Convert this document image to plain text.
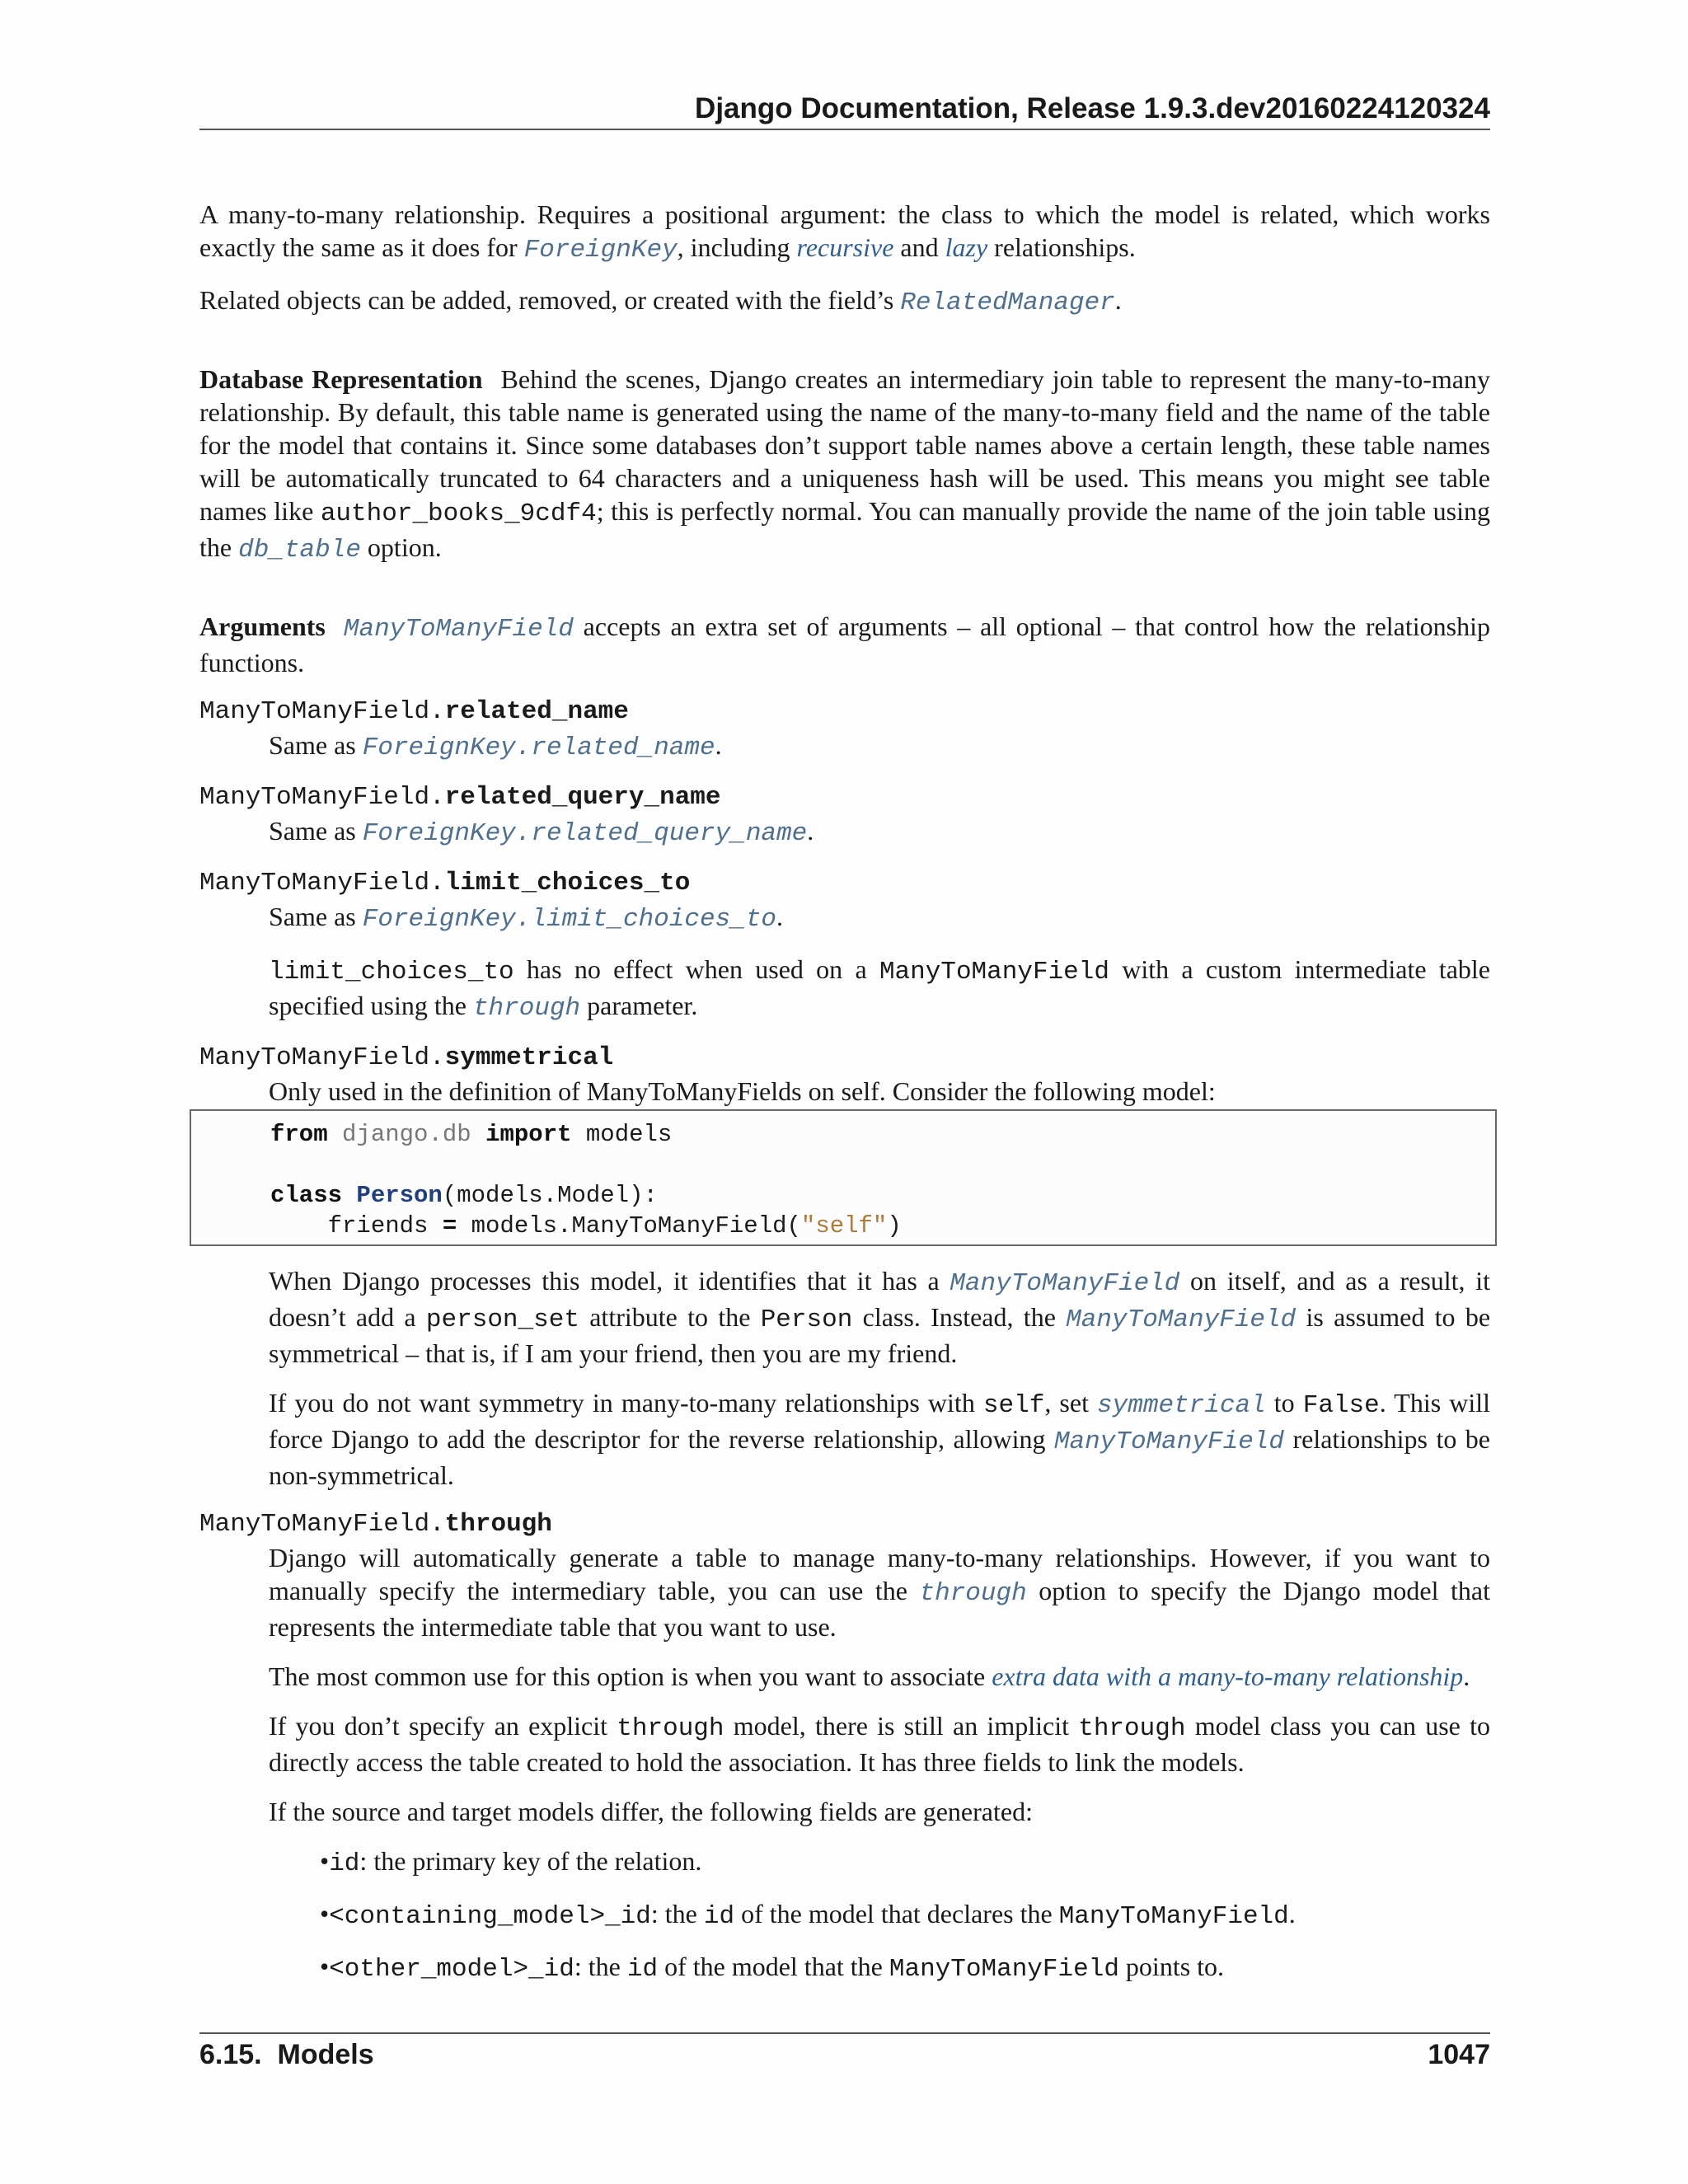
Django Documentation, Release 1.9.3.dev20160224120324

A many-to-many relationship. Requires a positional argument: the class to which the model is related, which works exactly the same as it does for ForeignKey, including recursive and lazy relationships.

Related objects can be added, removed, or created with the field’s RelatedManager.

Database Representation Behind the scenes, Django creates an intermediary join table to represent the many-to-many relationship. By default, this table name is generated using the name of the many-to-many field and the name of the table for the model that contains it. Since some databases don’t support table names above a certain length, these table names will be automatically truncated to 64 characters and a uniqueness hash will be used. This means you might see table names like author_books_9cdf4; this is perfectly normal. You can manually provide the name of the join table using the db_table option.

Arguments ManyToManyField accepts an extra set of arguments – all optional – that control how the relationship functions.

ManyToManyField.related_name
Same as ForeignKey.related_name.
ManyToManyField.related_query_name
Same as ForeignKey.related_query_name.
ManyToManyField.limit_choices_to

Same as ForeignKey.limit_choices_to.

limit_choices_to has no effect when used on a ManyToManyField with a custom intermediate table specified using the through parameter.

ManyToManyField.symmetrical
Only used in the definition of ManyToManyFields on self. Consider the following model:
from django.db import models

class Person(models.Model):
friends = models.ManyToManyField("self")

When Django processes this model, it identifies that it has a ManyToManyField on itself, and as a result, it doesn’t add a person_set attribute to the Person class. Instead, the ManyToManyField is assumed to be symmetrical – that is, if I am your friend, then you are my friend.

If you do not want symmetry in many-to-many relationships with self, set symmetrical to False. This will force Django to add the descriptor for the reverse relationship, allowing ManyToManyField relationships to be non-symmetrical.

ManyToManyField.through

Django will automatically generate a table to manage many-to-many relationships. However, if you want to manually specify the intermediary table, you can use the through option to specify the Django model that represents the intermediate table that you want to use.

The most common use for this option is when you want to associate extra data with a many-to-many relationship.

If you don’t specify an explicit through model, there is still an implicit through model class you can use to directly access the table created to hold the association. It has three fields to link the models.

If the source and target models differ, the following fields are generated:

•id: the primary key of the relation.
•<containing_model>_id: the id of the model that declares the ManyToManyField.
•<other_model>_id: the id of the model that the ManyToManyField points to.
6.15.  Models	1047
